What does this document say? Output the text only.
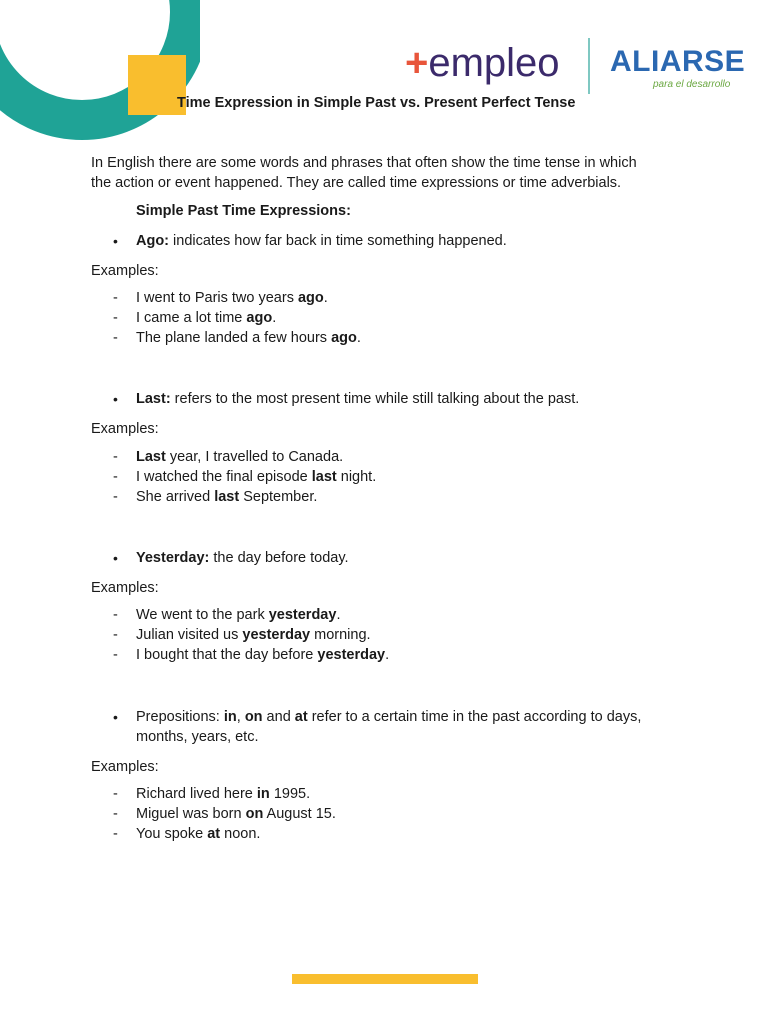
+empleo ALIARSE
para el desarrollo
Time Expression in Simple Past vs. Present Perfect Tense
In English there are some words and phrases that often show the time tense in which
the action or event happened. They are called time expressions or time adverbials.
Simple Past Time Expressions:
• Ago: indicates how far back in time something happened.
Examples:
- I went to Paris two years ago.
- I came a lot time ago.
- The plane landed a few hours ago.
• Last: refers to the most present time while still talking about the past.
Examples:
- Last year, I travelled to Canada.
- I watched the final episode last night.
- She arrived last September.
• Yesterday: the day before today.
Examples:
- We went to the park yesterday.
- Julian visited us yesterday morning.
- I bought that the day before yesterday.
• Prepositions: in, on and at refer to a certain time in the past according to days,
months, years, etc.
Examples:
- Richard lived here in 1995.
- Miguel was born on August 15.
- You spoke at noon.
